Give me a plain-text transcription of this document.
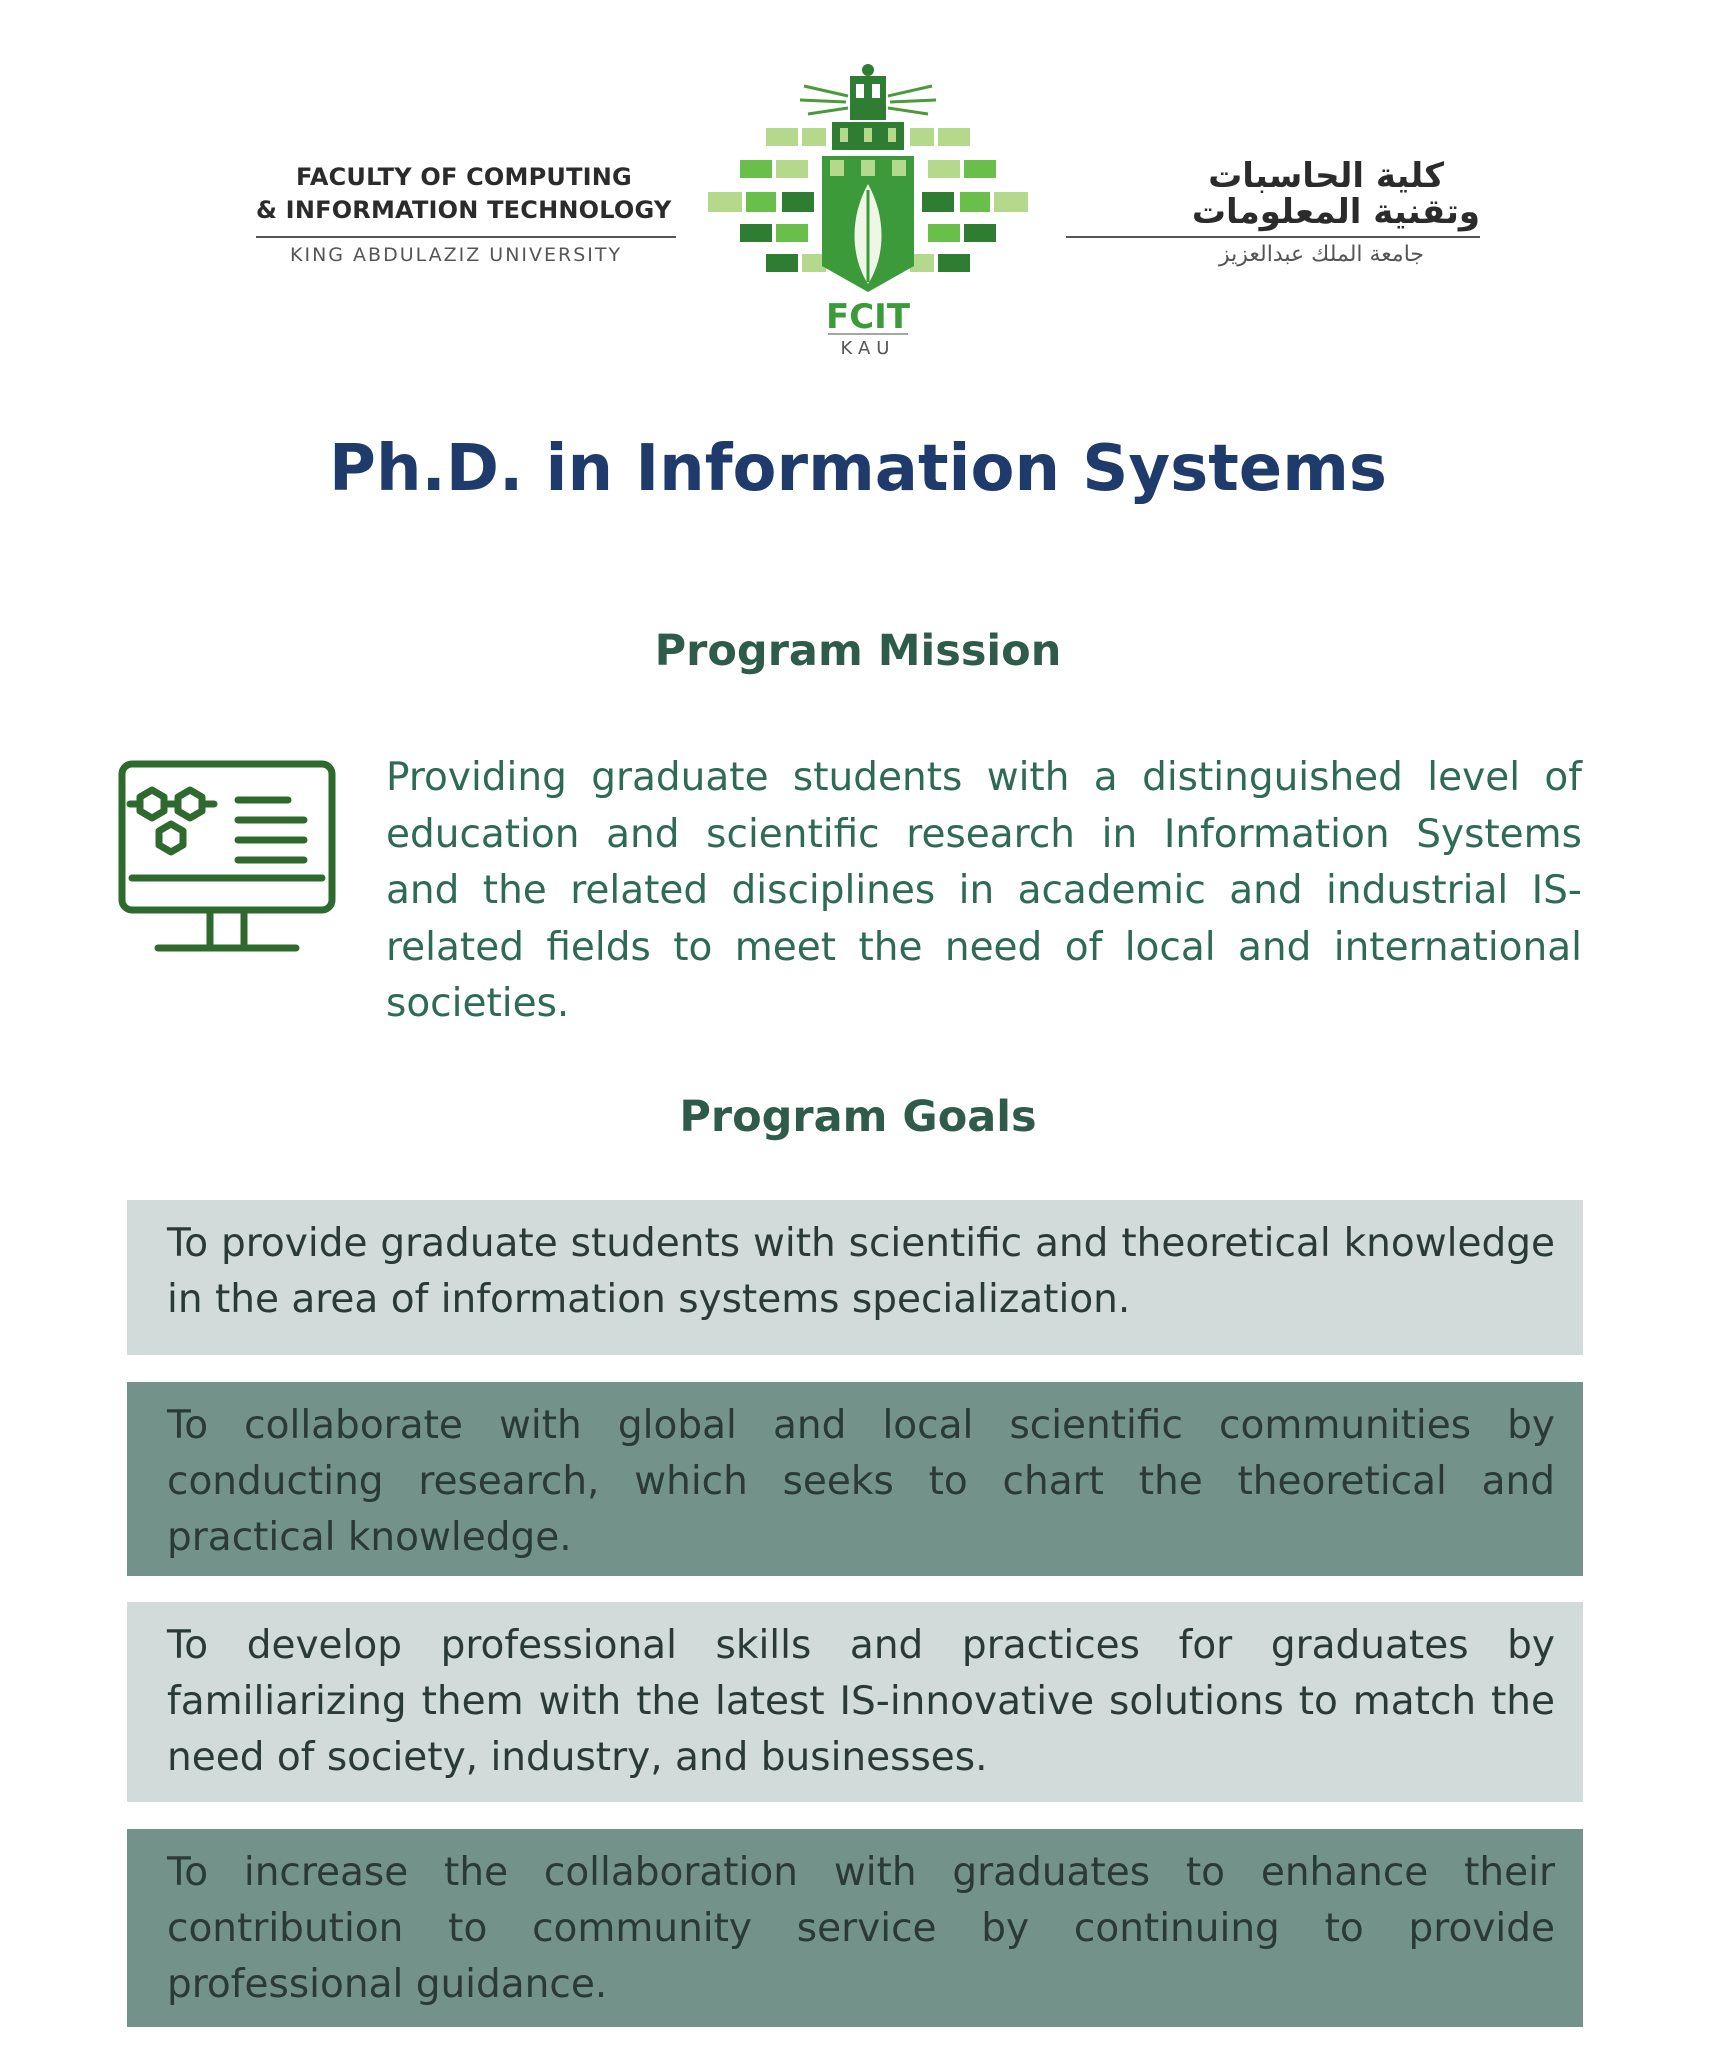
FACULTY OF COMPUTING
& INFORMATION TECHNOLOGY
KING ABDULAZIZ UNIVERSITY
كلية الحاسبات
وتقنية المعلومات
جامعة الملك عبدالعزيز
FCIT
KAU
Ph.D. in Information Systems
Program Mission
Providing graduate students with a distinguished level of education and scientific research in Information Systems and the related disciplines in academic and industrial IS-related fields to meet the need of local and international societies.
Program Goals
To provide graduate students with scientific and theoretical knowledge in the area of information systems specialization.
To collaborate with global and local scientific communities by conducting research, which seeks to chart the theoretical and practical knowledge.
To develop professional skills and practices for graduates by familiarizing them with the latest IS-innovative solutions to match the need of society, industry, and businesses.
To increase the collaboration with graduates to enhance their contribution to community service by continuing to provide professional guidance.
